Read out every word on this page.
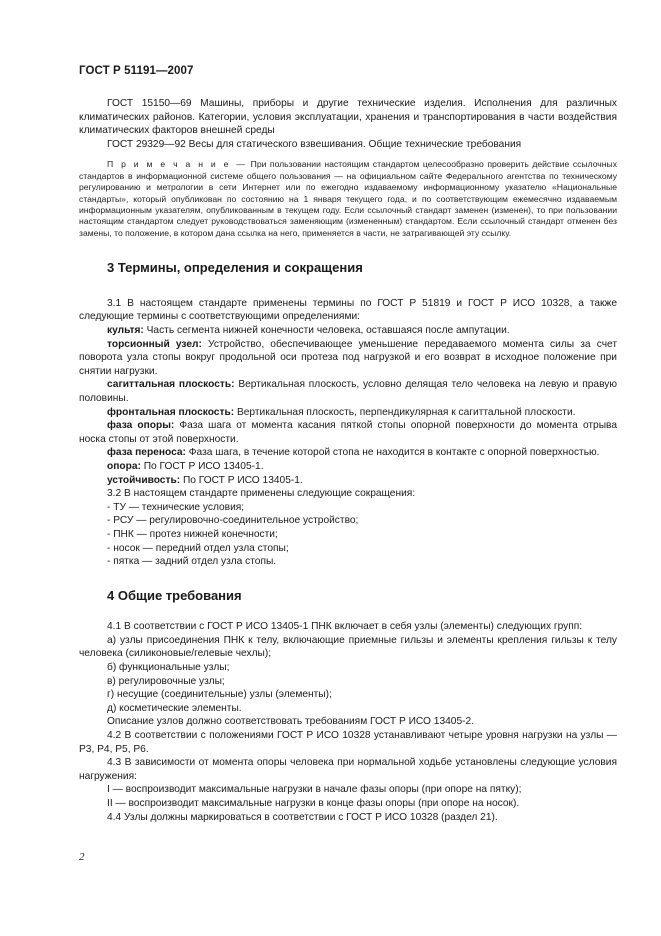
ГОСТ Р 51191—2007

ГОСТ 15150—69 Машины, приборы и другие технические изделия. Исполнения для различных климатических районов. Категории, условия эксплуатации, хранения и транспортирования в части воздействия климатических факторов внешней среды

ГОСТ 29329—92 Весы для статического взвешивания. Общие технические требования

П р и м е ч а н и е — При пользовании настоящим стандартом целесообразно проверить действие ссылочных стандартов в информационной системе общего пользования — на официальном сайте Федерального агентства по техническому регулированию и метрологии в сети Интернет или по ежегодно издаваемому информационному указателю «Национальные стандарты», который опубликован по состоянию на 1 января текущего года, и по соответствующим ежемесячно издаваемым информационным указателям, опубликованным в текущем году. Если ссылочный стандарт заменен (изменен), то при пользовании настоящим стандартом следует руководствоваться заменяющим (измененным) стандартом. Если ссылочный стандарт отменен без замены, то положение, в котором дана ссылка на него, применяется в части, не затрагивающей эту ссылку.

3 Термины, определения и сокращения

3.1 В настоящем стандарте применены термины по ГОСТ Р 51819 и ГОСТ Р ИСО 10328, а также следующие термины с соответствующими определениями:

культя: Часть сегмента нижней конечности человека, оставшаяся после ампутации.

торсионный узел: Устройство, обеспечивающее уменьшение передаваемого момента силы за счет поворота узла стопы вокруг продольной оси протеза под нагрузкой и его возврат в исходное положение при снятии нагрузки.

сагиттальная плоскость: Вертикальная плоскость, условно делящая тело человека на левую и правую половины.

фронтальная плоскость: Вертикальная плоскость, перпендикулярная к сагиттальной плоскости.

фаза опоры: Фаза шага от момента касания пяткой стопы опорной поверхности до момента отрыва носка стопы от этой поверхности.

фаза переноса: Фаза шага, в течение которой стопа не находится в контакте с опорной поверхностью.

опора: По ГОСТ Р ИСО 13405-1.

устойчивость: По ГОСТ Р ИСО 13405-1.

3.2 В настоящем стандарте применены следующие сокращения:

- ТУ — технические условия;

- РСУ — регулировочно-соединительное устройство;

- ПНК — протез нижней конечности;

- носок — передний отдел узла стопы;

- пятка — задний отдел узла стопы.

4 Общие требования

4.1 В соответствии с ГОСТ Р ИСО 13405-1 ПНК включает в себя узлы (элементы) следующих групп:

а) узлы присоединения ПНК к телу, включающие приемные гильзы и элементы крепления гильзы к телу человека (силиконовые/гелевые чехлы);

б) функциональные узлы;

в) регулировочные узлы;

г) несущие (соединительные) узлы (элементы);

д) косметические элементы.

Описание узлов должно соответствовать требованиям ГОСТ Р ИСО 13405-2.

4.2 В соответствии с положениями ГОСТ Р ИСО 10328 устанавливают четыре уровня нагрузки на узлы — Р3, Р4, Р5, Р6.

4.3 В зависимости от момента опоры человека при нормальной ходьбе установлены следующие условия нагружения:

I — воспроизводит максимальные нагрузки в начале фазы опоры (при опоре на пятку);

II — воспроизводит максимальные нагрузки в конце фазы опоры (при опоре на носок).

4.4 Узлы должны маркироваться в соответствии с ГОСТ Р ИСО 10328 (раздел 21).

2
